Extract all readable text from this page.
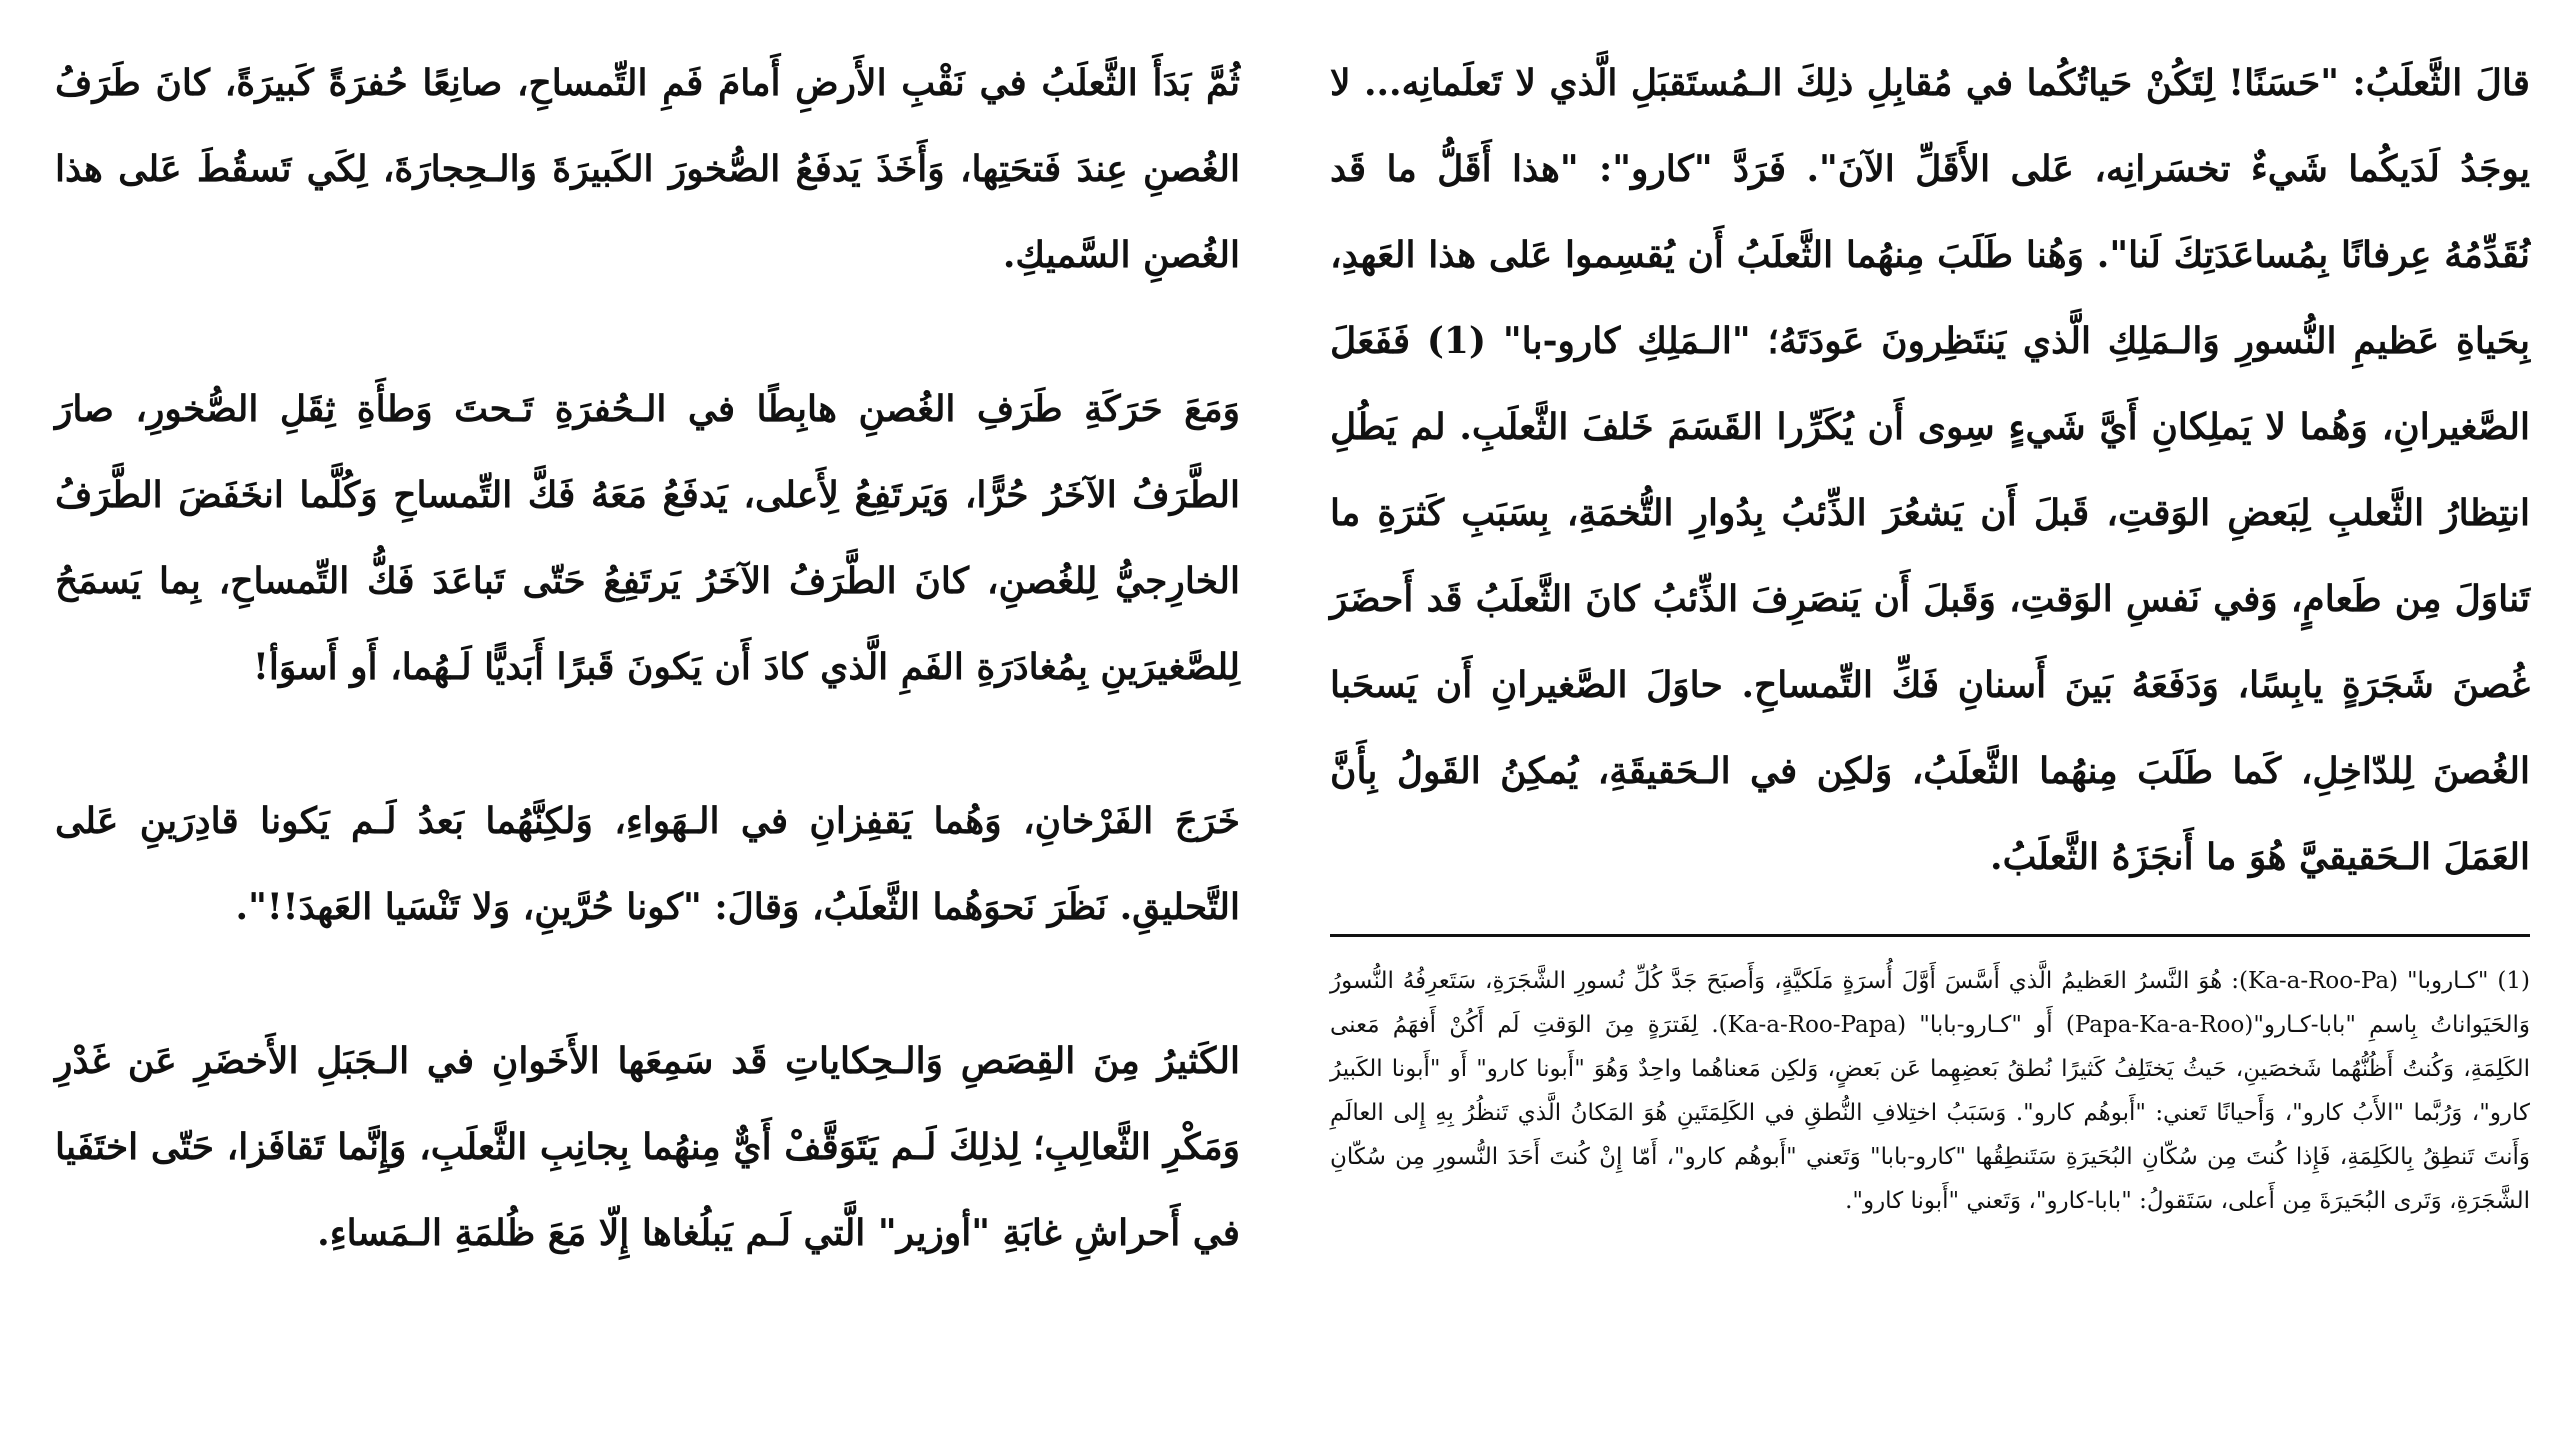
ثُمَّ بَدَأَ الثَّعلَبُ في نَقْبِ الأَرضِ أَمامَ فَمِ التِّمساحِ، صانِعًا حُفرَةً كَبيرَةً، كانَ طَرَفُ الغُصنِ عِندَ فَتحَتِها، وَأَخَذَ يَدفَعُ الصُّخورَ الكَبيرَةَ وَالـحِجارَةَ، لِكَي تَسقُطَ عَلى هذا الغُصنِ السَّميكِ.

وَمَعَ حَرَكَةِ طَرَفِ الغُصنِ هابِطًا في الـحُفرَةِ تَـحتَ وَطأَةِ ثِقَلِ الصُّخورِ، صارَ الطَّرَفُ الآخَرُ حُرًّا، وَيَرتَفِعُ لِأَعلى، يَدفَعُ مَعَهُ فَكَّ التِّمساحِ وَكُلَّما انخَفَضَ الطَّرَفُ الخارِجيُّ لِلغُصنِ، كانَ الطَّرَفُ الآخَرُ يَرتَفِعُ حَتّى تَباعَدَ فَكُّ التِّمساحِ، بِما يَسمَحُ لِلصَّغيرَينِ بِمُغادَرَةِ الفَمِ الَّذي كادَ أَن يَكونَ قَبرًا أَبَديًّا لَـهُما، أَو أَسوَأ!

خَرَجَ الفَرْخانِ، وَهُما يَقفِزانِ في الـهَواءِ، وَلكِنَّهُما بَعدُ لَـم يَكونا قادِرَينِ عَلى التَّحليقِ. نَظَرَ نَحوَهُما الثَّعلَبُ، وَقالَ: "كونا حُرَّينِ، وَلا تَنْسَيا العَهدَ!!".

الكَثيرُ مِنَ القِصَصِ وَالـحِكاياتِ قَد سَمِعَها الأَخَوانِ في الـجَبَلِ الأَخضَرِ عَن غَدْرِ وَمَكْرِ الثَّعالِبِ؛ لِذلِكَ لَـم يَتَوَقَّفْ أَيٌّ مِنهُما بِجانِبِ الثَّعلَبِ، وَإِنَّما تَقافَزا، حَتّى اختَفَيا في أَحراشِ غابَةِ "أوزير" الَّتي لَـم يَبلُغاها إِلّا مَعَ ظُلمَةِ الـمَساءِ.

قالَ الثَّعلَبُ: "حَسَنًا! لِتَكُنْ حَياتُكُما في مُقابِلِ ذلِكَ الـمُستَقبَلِ الَّذي لا تَعلَمانِه... لا يوجَدُ لَدَيكُما شَيءٌ تخسَرانِه، عَلى الأَقَلِّ الآنَ". فَرَدَّ "كارو": "هذا أَقَلُّ ما قَد نُقَدِّمُهُ عِرفانًا بِمُساعَدَتِكَ لَنا". وَهُنا طَلَبَ مِنهُما الثَّعلَبُ أَن يُقسِموا عَلى هذا العَهدِ، بِحَياةِ عَظيمِ النُّسورِ وَالـمَلِكِ الَّذي يَنتَظِرونَ عَودَتَهُ؛ "الـمَلِكِ كارو-با" (1) فَفَعَلَ الصَّغيرانِ، وَهُما لا يَملِكانِ أَيَّ شَيءٍ سِوى أَن يُكَرِّرا القَسَمَ خَلفَ الثَّعلَبِ. لم يَطُلِ انتِظارُ الثَّعلبِ لِبَعضِ الوَقتِ، قَبلَ أَن يَشعُرَ الذِّئبُ بِدُوارِ التُّخمَةِ، بِسَبَبِ كَثرَةِ ما تَناوَلَ مِن طَعامٍ، وَفي نَفسِ الوَقتِ، وَقَبلَ أَن يَنصَرِفَ الذِّئبُ كانَ الثَّعلَبُ قَد أَحضَرَ غُصنَ شَجَرَةٍ يابِسًا، وَدَفَعَهُ بَينَ أَسنانِ فَكِّ التِّمساحِ. حاوَلَ الصَّغيرانِ أَن يَسحَبا الغُصنَ لِلدّاخِلِ، كَما طَلَبَ مِنهُما الثَّعلَبُ، وَلكِن في الـحَقيقَةِ، يُمكِنُ القَولُ بِأَنَّ العَمَلَ الـحَقيقيَّ هُوَ ما أَنجَزَهُ الثَّعلَبُ.

(1) "كـاروبا" (Ka-a-Roo-Pa): هُوَ النَّسرُ العَظيمُ الَّذي أَسَّسَ أَوَّلَ أُسرَةٍ مَلَكيَّةٍ، وَأَصبَحَ جَدَّ كُلِّ نُسورِ الشَّجَرَةِ، سَتَعرِفُهُ النُّسورُ وَالحَيَواناتُ بِاسمِ "بابا-كـارو"(Papa-Ka-a-Roo) أَو "كـارو-بابا" (Ka-a-Roo-Papa). لِفَترَةٍ مِنَ الوَقتِ لَم أَكُنْ أَفهَمُ مَعنى الكَلِمَةِ، وَكُنتُ أَظُنُّهُما شَخصَينِ، حَيثُ يَختَلِفُ كَثيرًا نُطقُ بَعضِهِما عَن بَعضٍ، وَلكِن مَعناهُما واحِدٌ وَهُوَ "أَبونا كارو" أَو "أَبونا الكَبيرُ كارو"، وَرُبَّما "الأَبُ كارو"، وَأَحيانًا تَعني: "أَبوهُم كارو". وَسَبَبُ اختِلافِ النُّطقِ في الكَلِمَتَينِ هُوَ المَكانُ الَّذي تَنظُرُ بِهِ إِلى العالَمِ وَأَنتَ تَنطِقُ بِالكَلِمَةِ، فَإِذا كُنتَ مِن سُكّانِ البُحَيرَةِ سَتَنطِقُها "كارو-بابا" وَتَعني "أَبوهُم كارو"، أَمّا إِنْ كُنتَ أَحَدَ النُّسورِ مِن سُكّانِ الشَّجَرَةِ، وَتَرى البُحَيرَةَ مِن أَعلى، سَتَقولُ: "بابا-كارو"، وَتَعني "أَبونا كارو".
